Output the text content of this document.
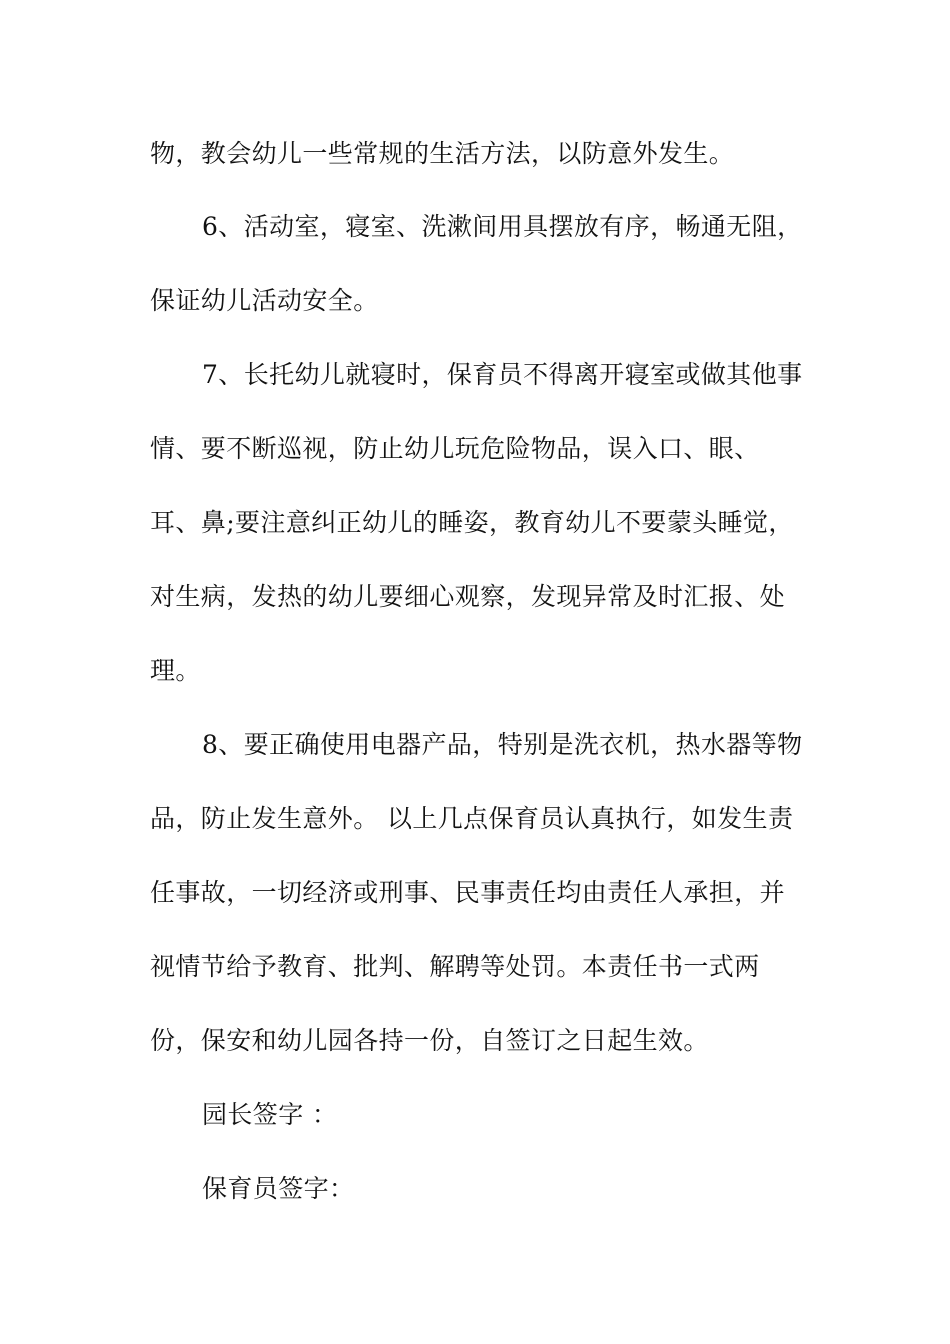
物，教会幼儿一些常规的生活方法，以防意外发生。
6、活动室，寝室、洗漱间用具摆放有序，畅通无阻，
保证幼儿活动安全。
7、长托幼儿就寝时，保育员不得离开寝室或做其他事
情、要不断巡视，防止幼儿玩危险物品，误入口、眼、
耳、鼻;要注意纠正幼儿的睡姿，教育幼儿不要蒙头睡觉，
对生病，发热的幼儿要细心观察，发现异常及时汇报、处
理。
8、要正确使用电器产品，特别是洗衣机，热水器等物
品，防止发生意外。 以上几点保育员认真执行，如发生责
任事故，一切经济或刑事、民事责任均由责任人承担，并
视情节给予教育、批判、解聘等处罚。本责任书一式两
份，保安和幼儿园各持一份，自签订之日起生效。
园长签字 ：
保育员签字：
